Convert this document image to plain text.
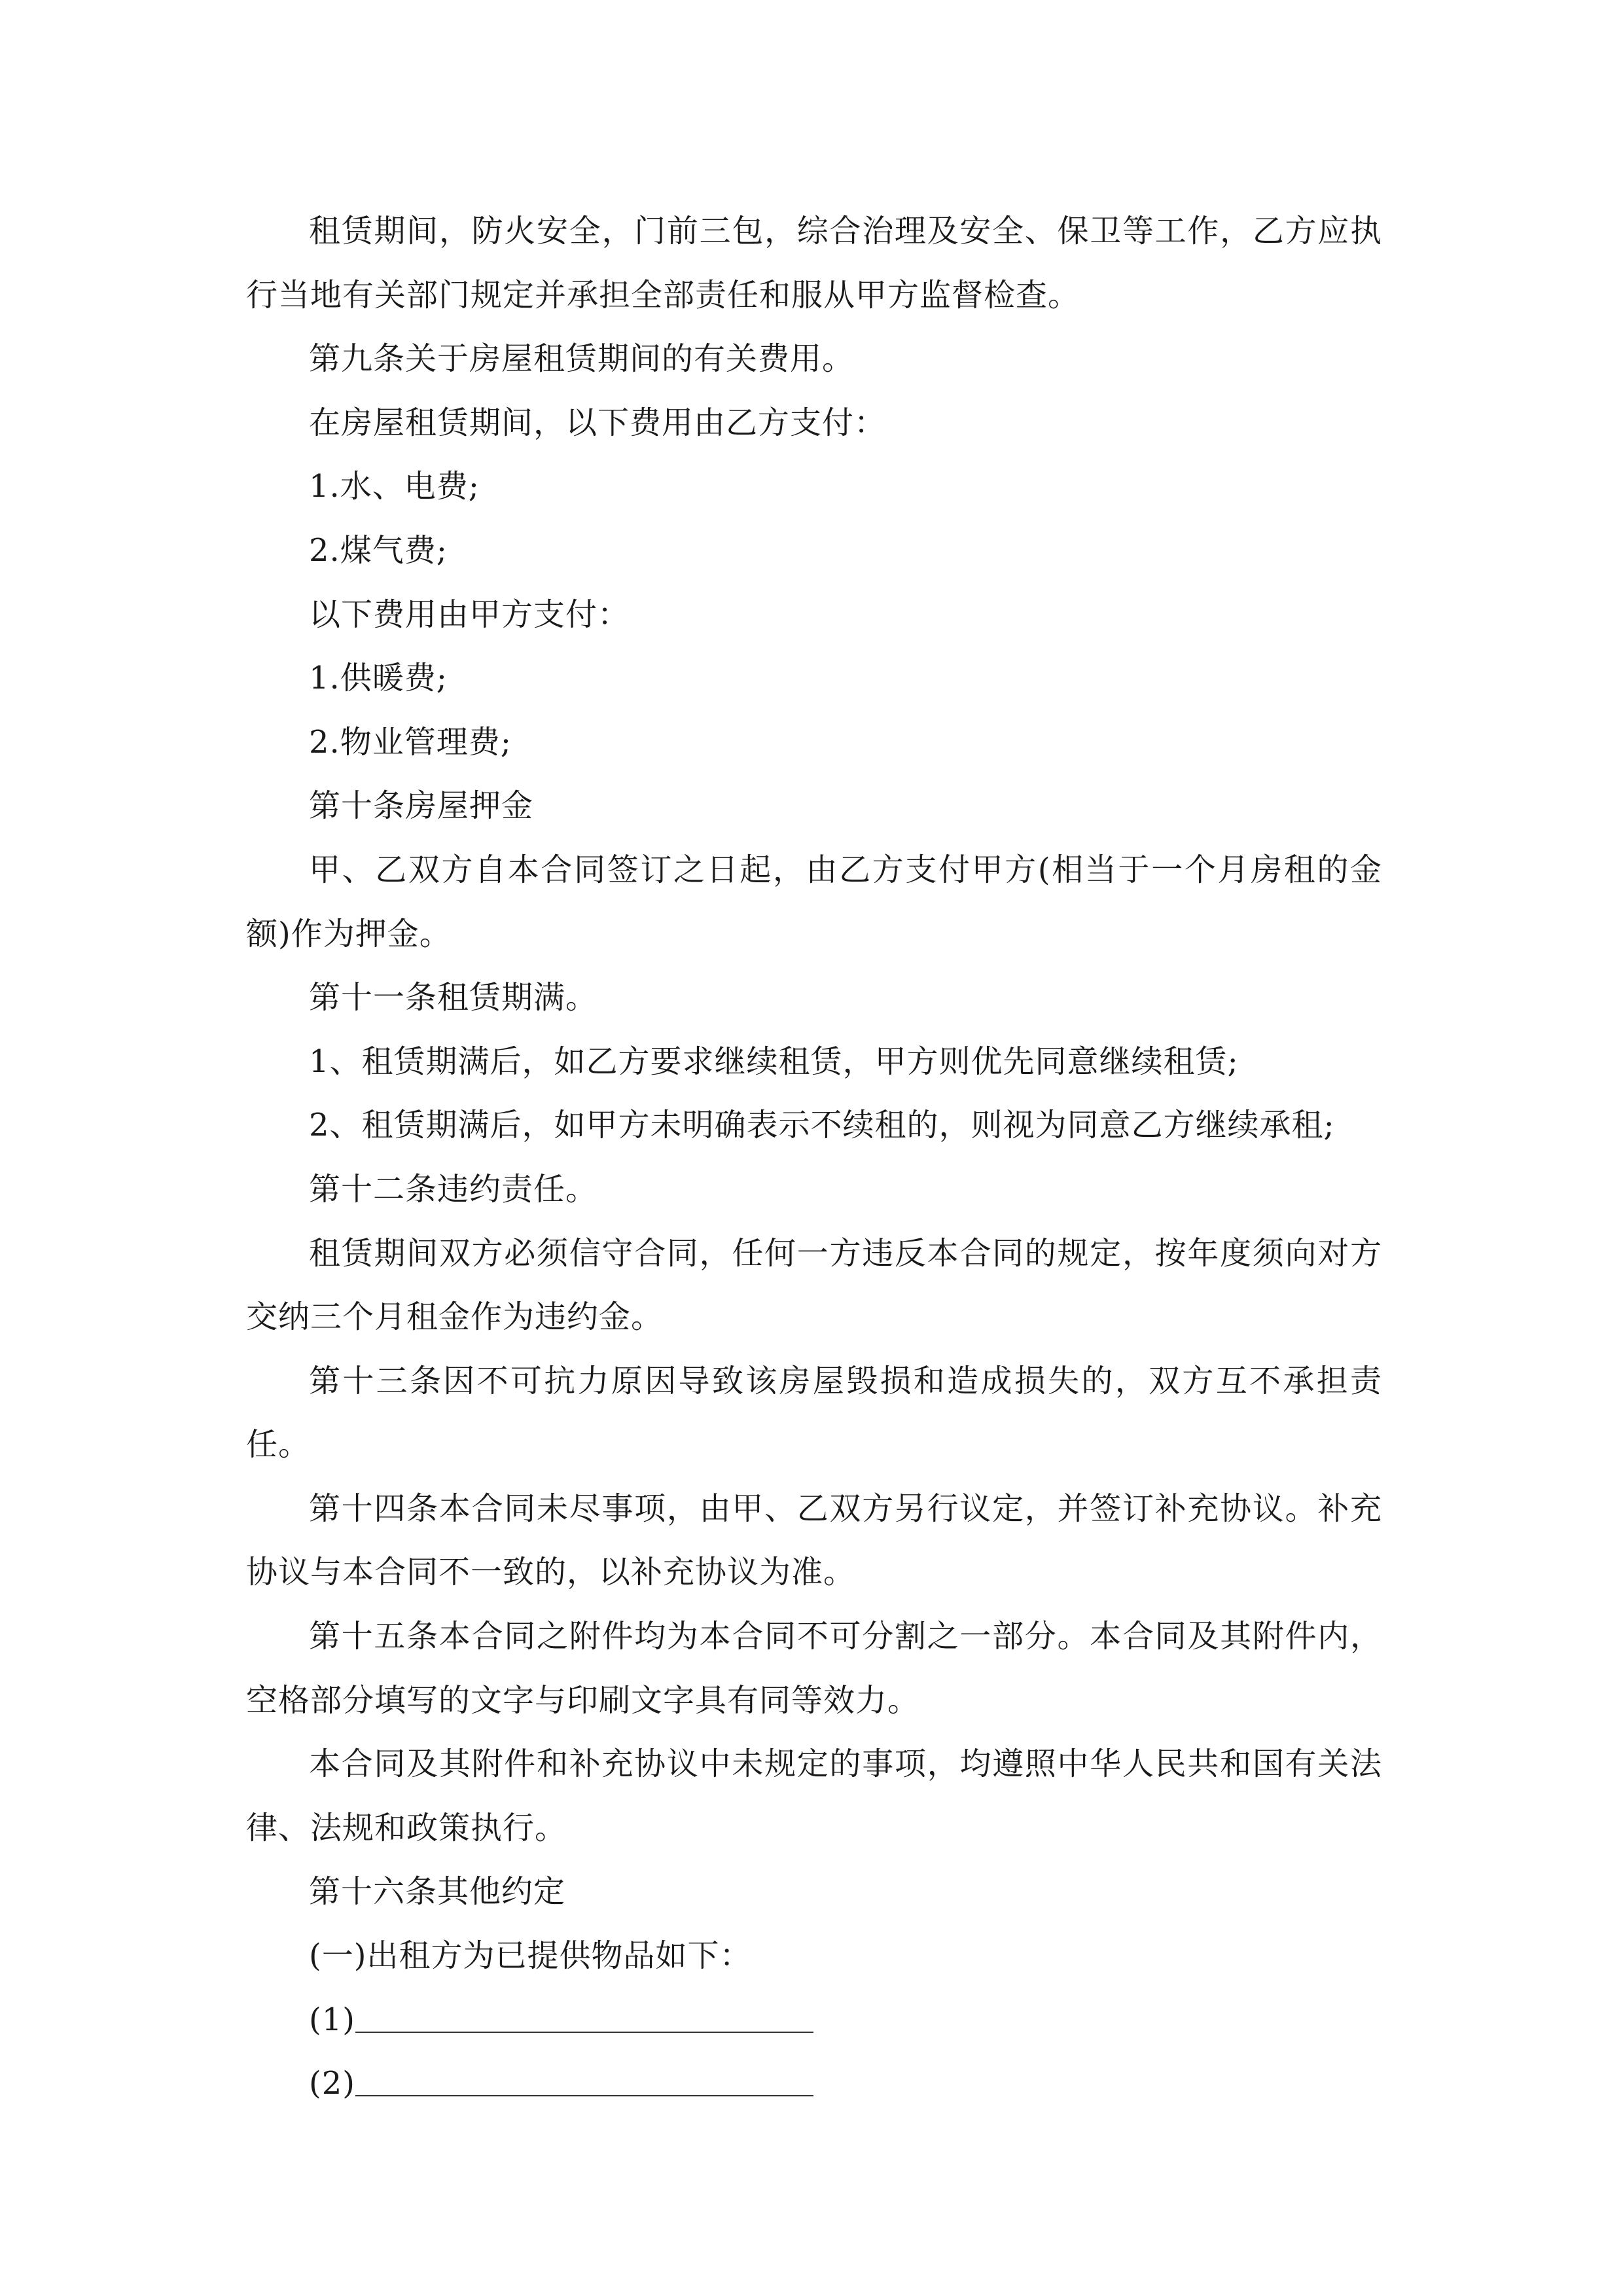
租赁期间，防火安全，门前三包，综合治理及安全、保卫等工作，乙方应执行当地有关部门规定并承担全部责任和服从甲方监督检查。

第九条关于房屋租赁期间的有关费用。

在房屋租赁期间，以下费用由乙方支付：

1.水、电费;

2.煤气费;

以下费用由甲方支付：

1.供暖费;

2.物业管理费;

第十条房屋押金

甲、乙双方自本合同签订之日起，由乙方支付甲方(相当于一个月房租的金额)作为押金。

第十一条租赁期满。

1、租赁期满后，如乙方要求继续租赁，甲方则优先同意继续租赁;

2、租赁期满后，如甲方未明确表示不续租的，则视为同意乙方继续承租;

第十二条违约责任。

租赁期间双方必须信守合同，任何一方违反本合同的规定，按年度须向对方交纳三个月租金作为违约金。

第十三条因不可抗力原因导致该房屋毁损和造成损失的，双方互不承担责任。

第十四条本合同未尽事项，由甲、乙双方另行议定，并签订补充协议。补充协议与本合同不一致的，以补充协议为准。

第十五条本合同之附件均为本合同不可分割之一部分。本合同及其附件内，空格部分填写的文字与印刷文字具有同等效力。

本合同及其附件和补充协议中未规定的事项，均遵照中华人民共和国有关法律、法规和政策执行。

第十六条其他约定

(一)出租方为已提供物品如下：

(1)

(2)
